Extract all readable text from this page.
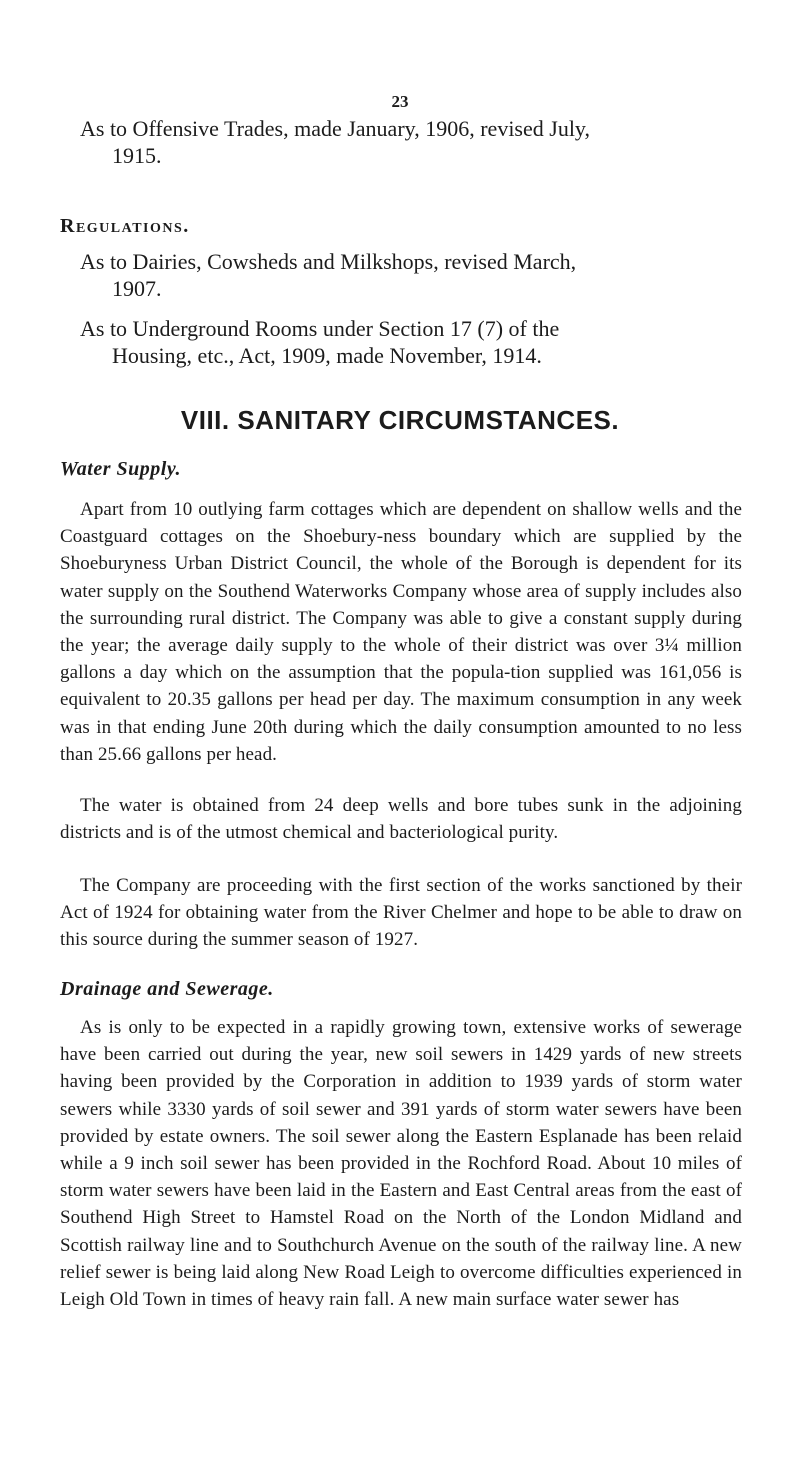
23

As to Offensive Trades, made January, 1906, revised July,
1915.

Regulations.

As to Dairies, Cowsheds and Milkshops, revised March,
1907.

As to Underground Rooms under Section 17 (7) of the
Housing, etc., Act, 1909, made November, 1914.

VIII. SANITARY CIRCUMSTANCES.
Water Supply.

Apart from 10 outlying farm cottages which are dependent on shallow wells and the Coastguard cottages on the Shoebury-ness boundary which are supplied by the Shoeburyness Urban District Council, the whole of the Borough is dependent for its water supply on the Southend Waterworks Company whose area of supply includes also the surrounding rural district. The Company was able to give a constant supply during the year; the average daily supply to the whole of their district was over 3¼ million gallons a day which on the assumption that the popula-tion supplied was 161,056 is equivalent to 20.35 gallons per head per day. The maximum consumption in any week was in that ending June 20th during which the daily consumption amounted to no less than 25.66 gallons per head.

The water is obtained from 24 deep wells and bore tubes sunk in the adjoining districts and is of the utmost chemical and bacteriological purity.

The Company are proceeding with the first section of the works sanctioned by their Act of 1924 for obtaining water from the River Chelmer and hope to be able to draw on this source during the summer season of 1927.

Drainage and Sewerage.

As is only to be expected in a rapidly growing town, extensive works of sewerage have been carried out during the year, new soil sewers in 1429 yards of new streets having been provided by the Corporation in addition to 1939 yards of storm water sewers while 3330 yards of soil sewer and 391 yards of storm water sewers have been provided by estate owners. The soil sewer along the Eastern Esplanade has been relaid while a 9 inch soil sewer has been provided in the Rochford Road. About 10 miles of storm water sewers have been laid in the Eastern and East Central areas from the east of Southend High Street to Hamstel Road on the North of the London Midland and Scottish railway line and to Southchurch Avenue on the south of the railway line. A new relief sewer is being laid along New Road Leigh to overcome difficulties experienced in Leigh Old Town in times of heavy rain fall. A new main surface water sewer has
